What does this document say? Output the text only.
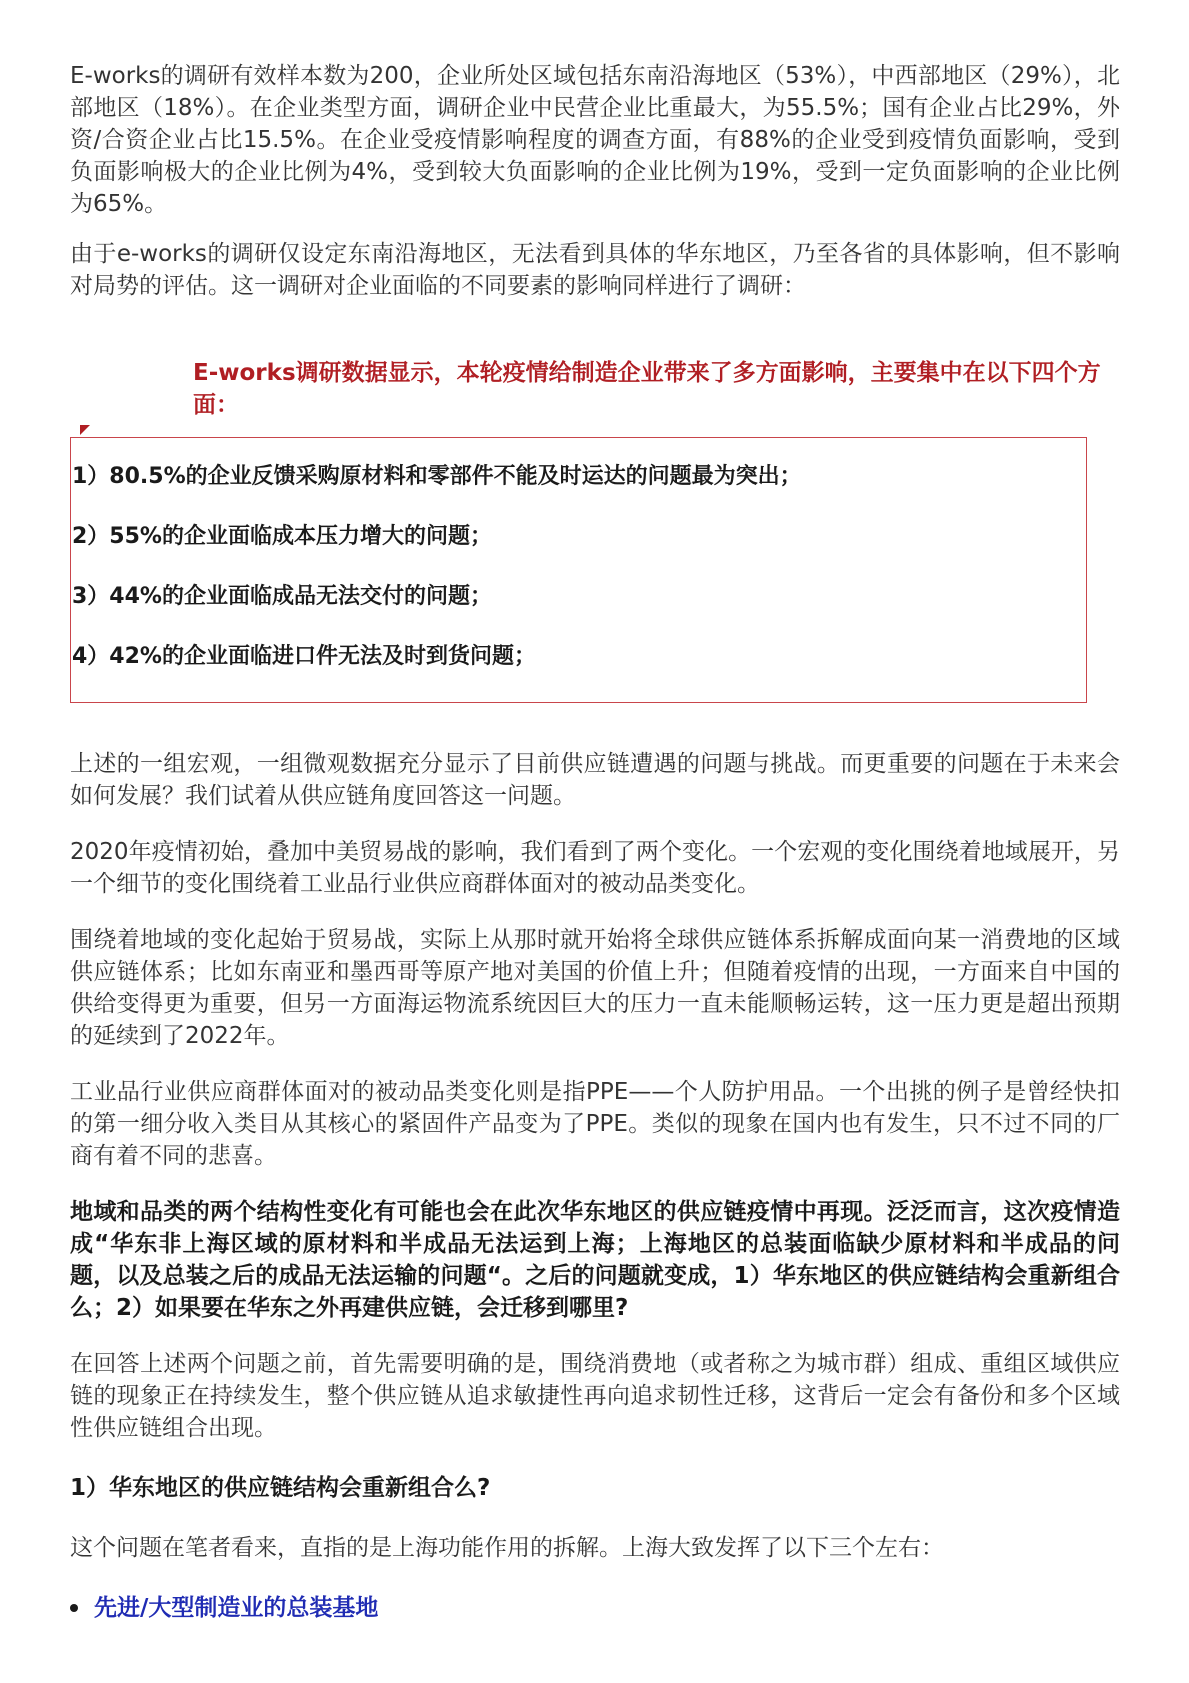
E-works的调研有效样本数为200，企业所处区域包括东南沿海地区（53%），中西部地区（29%），北部地区（18%）。在企业类型方面，调研企业中民营企业比重最大，为55.5%；国有企业占比29%，外资/合资企业占比15.5%。在企业受疫情影响程度的调查方面，有88%的企业受到疫情负面影响，受到负面影响极大的企业比例为4%，受到较大负面影响的企业比例为19%，受到一定负面影响的企业比例为65%。

由于e-works的调研仅设定东南沿海地区，无法看到具体的华东地区，乃至各省的具体影响，但不影响对局势的评估。这一调研对企业面临的不同要素的影响同样进行了调研：

E-works调研数据显示，本轮疫情给制造企业带来了多方面影响，主要集中在以下四个方面：

1）80.5%的企业反馈采购原材料和零部件不能及时运达的问题最为突出；

2）55%的企业面临成本压力增大的问题；

3）44%的企业面临成品无法交付的问题；

4）42%的企业面临进口件无法及时到货问题；

上述的一组宏观，一组微观数据充分显示了目前供应链遭遇的问题与挑战。而更重要的问题在于未来会如何发展？我们试着从供应链角度回答这一问题。

2020年疫情初始，叠加中美贸易战的影响，我们看到了两个变化。一个宏观的变化围绕着地域展开，另一个细节的变化围绕着工业品行业供应商群体面对的被动品类变化。

围绕着地域的变化起始于贸易战，实际上从那时就开始将全球供应链体系拆解成面向某一消费地的区域供应链体系；比如东南亚和墨西哥等原产地对美国的价值上升；但随着疫情的出现，一方面来自中国的供给变得更为重要，但另一方面海运物流系统因巨大的压力一直未能顺畅运转，这一压力更是超出预期的延续到了2022年。

工业品行业供应商群体面对的被动品类变化则是指PPE——个人防护用品。一个出挑的例子是曾经快扣的第一细分收入类目从其核心的紧固件产品变为了PPE。类似的现象在国内也有发生，只不过不同的厂商有着不同的悲喜。

地域和品类的两个结构性变化有可能也会在此次华东地区的供应链疫情中再现。泛泛而言，这次疫情造成“华东非上海区域的原材料和半成品无法运到上海；上海地区的总装面临缺少原材料和半成品的问题，以及总装之后的成品无法运输的问题“。之后的问题就变成，1）华东地区的供应链结构会重新组合么；2）如果要在华东之外再建供应链，会迁移到哪里?

在回答上述两个问题之前，首先需要明确的是，围绕消费地（或者称之为城市群）组成、重组区域供应链的现象正在持续发生，整个供应链从追求敏捷性再向追求韧性迁移，这背后一定会有备份和多个区域性供应链组合出现。

1）华东地区的供应链结构会重新组合么?

这个问题在笔者看来，直指的是上海功能作用的拆解。上海大致发挥了以下三个左右：

先进/大型制造业的总装基地
